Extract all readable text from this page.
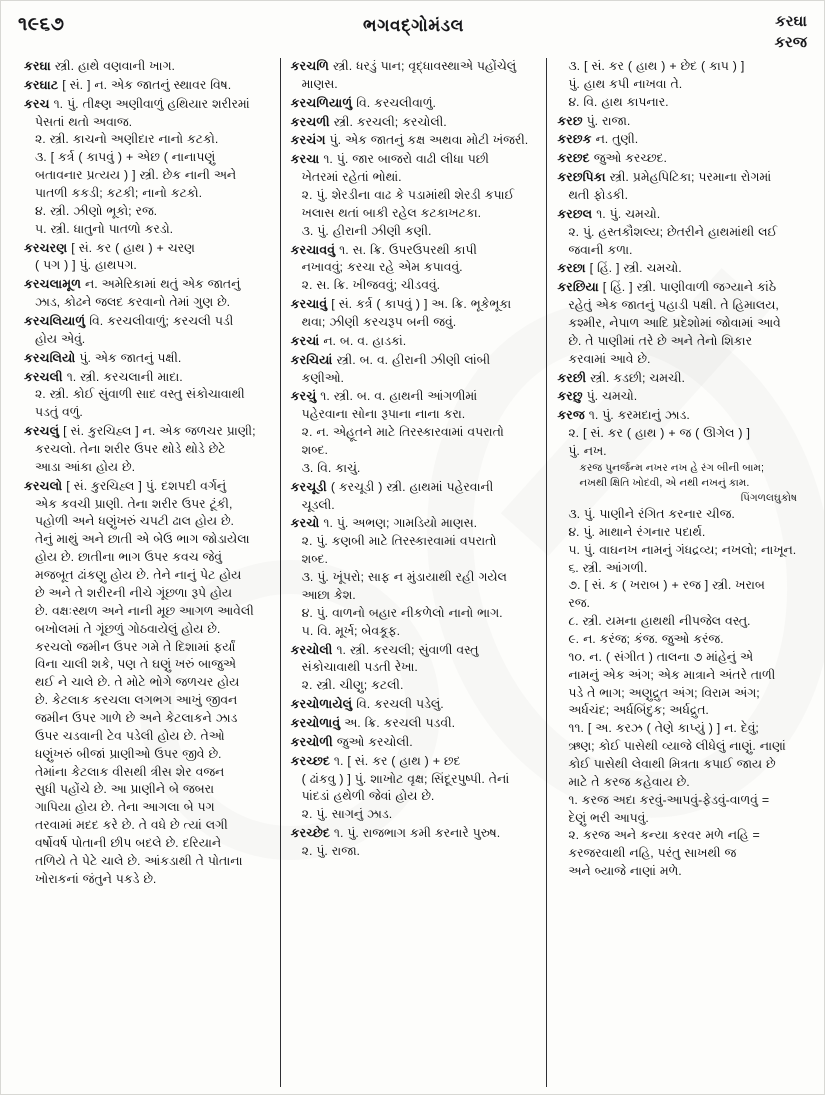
૧૯૬૭	ભગવદ્ગોમંડલ	કરઘા
કરજ
કરઘા સ્ત્રી. હાથે વણવાની ખાગ.
કરઘાટ [ સં. ] ન. એક જાતનું સ્થાવર વિષ.
કરચ ૧. પું. તીક્ષ્ણ અણીવાળું હથિયાર શરીરમાં
પેસતાં થતો અવાજ.
૨. સ્ત્રી. કાચનો અણીદાર નાનો કટકો.
૩. [ કર્ત્ર ( કાપવું ) + એછ ( નાનાપણું
બતાવનાર પ્રત્યય ) ] સ્ત્રી. છેક નાની અને
પાતળી કકડી; કટકી; નાનો કટકો.
૪. સ્ત્રી. ઝીણો ભૂકો; રજ.
૫. સ્ત્રી. ધાતુનો પાતળો કરડો.
કરચરણ [ સં. કર ( હાથ ) + ચરણ
( પગ ) ] પું. હાથપગ.
કરચલામૂળ ન. અમેરિકામાં થતું એક જાતનું
ઝાડ, કોઢને જલદ કરવાનો તેમાં ગુણ છે.
કરચલિયાળું વિ. કરચલીવાળું; કરચલી પડી
હોય એવું.
કરચલિયો પું. એક જાતનું પક્ષી.
કરચલી ૧. સ્ત્રી. કરચલાની માદા.
૨. સ્ત્રી. કોઈ સુંવાળી સાદ વસ્તુ સંકોચાવાથી
પડતું વળું.
કરચલું [ સં. કુરચિહ્લ ] ન. એક જળચર પ્રાણી;
કરચલો. તેના શરીર ઉપર થોડે થોડે છેટે
આડા આંકા હોય છે.
કરચલો [ સં. કુરચિહ્લ ] પું. દશપદી વર્ગનું
એક કવચી પ્રાણી. તેના શરીર ઉપર ટૂંકી,
પહોળી અને ધણુંખરું ચપટી ઢાલ હોય છે.
તેનું માથું અને છાતી એ બેઉ ભાગ જોડાયેલા
હોય છે. છાતીના ભાગ ઉપર કવચ જેવું
મજબૂત ઢાંકણુ હોય છે. તેને નાનું પેટ હોય
છે અને તે શરીરની નીચે ગૂંછળા રૂપે હોય
છે. વક્ષઃસ્થળ અને નાની મૂછ આગળ આવેલી
બખોલમાં તે ગૂંછળું ગોઠવાયેલું હોય છે.
કરચલો જમીન ઉપર ગમે તે દિશામાં ફર્યાં
વિના ચાલી શકે, પણ તે ઘણું ખરું બાજુએ
થઈ ને ચાલે છે. તે મોટે ભોગે જળચર હોય
છે. કેટલાક કરચલા લગભગ આખું જીવન
જમીન ઉપર ગાળે છે અને કેટલાકને ઝાડ
ઉપર ચડવાની ટેવ પડેલી હોય છે. તેઓ
ધણુંખરું બીજાં પ્રાણીઓ ઉપર જીવે છે.
તેમાંના કેટલાક વીસથી ત્રીસ શેર વજન
સુધી પહોંચે છે. આ પ્રાણીને બે જબરા
ગાપિયા હોય છે. તેના આગલા બે પગ
તરવામાં મદદ કરે છે. તે વધે છે ત્યાં લગી
વર્ષોવર્ષ પોતાની છીપ બદલે છે. દરિયાને
તળિયે તે પેટે ચાલે છે. આંકડાથી તે પોતાના
ખોરાકનાં જંતુને પકડે છે.
કરચળિ સ્ત્રી. ધરડું પાન; વૃદ્ધાવસ્થાએ પહોંચેલું
માણસ.
કરચળિયાળું વિ. કરચલીવાળું.
કરચળી સ્ત્રી. કરચલી; કરચોલી.
કરચંગ પું. એક જાતનું કક્ષ અથવા મોટી ખંજરી.
કરચા ૧. પું. જાર બાજરો વાઢી લીધા પછી
ખેતરમાં રહેતાં ભોથાં.
૨. પું. શેરડીના વાઢ કે પડામાંથી શેરડી કપાઈ
ખલાસ થતાં બાકી રહેલ કટકાખટકા.
૩. પું. હીરાની ઝીણી કણી.
કરચાવવું ૧. સ. ક્રિ. ઉપરઉપરથી કાપી
નખાવવું; કરચા રહે એમ કપાવવું.
૨. સ. ક્રિ. ખીજવવું; ચીડવવું.
કરચાવું [ સં. કર્ત્ર ( કાપવું ) ] અ. ક્રિ. ભૂકેભૂકા
થવા; ઝીણી કરચરૂપ બની જવું.
કરચાં ન. બ. વ. હાડકાં.
કરચિયાં સ્ત્રી. બ. વ. હીરાની ઝીણી લાંબી
કણીઓ.
કરચું ૧. સ્ત્રી. બ. વ. હાથની આંગળીમાં
પહેરવાના સોના રૂપાના નાના કરા.
૨. ન. એહૂતને માટે તિરસ્કારવામાં વપરાતો
શબ્દ.
૩. વિ. કાચું.
કરચૂડી ( કરચૂડી ) સ્ત્રી. હાથમાં પહેરવાની
ચૂડલી.
કરચો ૧. પું. અભણ; ગામડિયો માણસ.
૨. પું. કણબી માટે તિરસ્કારવામાં વપરાતો
શબ્દ.
૩. પું. ખૂંપરો; સાફ ન મુંડાયાથી રહી ગયેલ
આછા કેશ.
૪. પું. વાળનો બહાર નીકળેલો નાનો ભાગ.
૫. વિ. મૂર્ખ; બેવકૂફ.
કરચોલી ૧. સ્ત્રી. કરચલી; સુંવાળી વસ્તુ
સંકોચાવાથી પડતી રેખા.
૨. સ્ત્રી. ચીણુ; કટલી.
કરચોળાયેલું વિ. કરચલી પડેલું.
કરચોળાવું અ. ક્રિ. કરચલી પડવી.
કરચોળી જુઓ કરચોલી.
કરચ્છદ ૧. [ સં. કર ( હાથ ) + છદ
( ઢાંકવુ ) ] પું. શાખોટ વૃક્ષ; સિંદૂરપુષ્પી. તેનાં
પાંદડાં હથેળી જેવાં હોય છે.
૨. પું. સાગનું ઝાડ.
કરચ્છેદ ૧. પું. રાજભાગ કમી કરનારે પુરુષ.
૨. પું. રાજા.
૩. [ સં. કર ( હાથ ) + છેદ ( કાપ ) ]
પું. હાથ કપી નાખવા તે.
૪. વિ. હાથ કાપનાર.
કરછ પું. રાજા.
કરછક ન. તુણી.
કરછદ જુઓ કરચ્છદ.
કરછપિકા સ્ત્રી. પ્રમેહપિટિકા; પરમાના રોગમાં
થતી ફોડકી.
કરછલ ૧. પું. ચમચો.
૨. પું. હસ્તકૌશલ્ય; છેતરીને હાથમાંથી લઈ
જવાની કળા.
કરછા [ હિં. ] સ્ત્રી. ચમચો.
કરછિયા [ હિં. ] સ્ત્રી. પાણીવાળી જગ્યાને કાંઠે
રહેતું એક જાતનું પહાડી પક્ષી. તે હિમાલય,
કશ્મીર, નેપાળ આદિ પ્રદેશોમાં જોવામાં આવે
છે. તે પાણીમાં તરે છે અને તેનો શિકાર
કરવામાં આવે છે.
કરછી સ્ત્રી. કડછી; ચમચી.
કરછુ પું. ચમચો.
કરજ ૧. પું. કરમદાનું ઝાડ.
૨. [ સં. કર ( હાથ ) + જ ( ઊગેલ ) ]
પું. નખ.
કરજ પુનર્જન્મ નખર નખ હે રંગ બીની બામ;
નખથી ક્ષિતિ ખોદવી, એ નથી નખનું કામ.
પિંગળલઘુકોષ
૩. પું. પાણીને રંગિત કરનાર ચીજ.
૪. પું. માથાને રંગનાર પદાર્થ.
૫. પું. વાઘનખ નામનું ગંધદ્રવ્ય; નખલો; નાખૂન.
૬. સ્ત્રી. આંગળી.
૭. [ સં. ક ( ખરાબ ) + રજ ] સ્ત્રી. ખરાબ
રજ.
૮. સ્ત્રી. યમના હાથથી નીપજેલ વસ્તુ.
૯. ન. કરંજ; કંજ. જુઓ કરંજ.
૧૦. ન. ( સંગીત ) તાલના ૭ માંહેનું એ
નામનું એક અંગ; એક માત્રાને અંતરે તાળી
પડે તે ભાગ; અણુદ્રુત અંગ; વિરામ અંગ;
અર્ધચંદ; અર્ધબિંદુક; અર્ધદ્રુત.
૧૧. [ અ. કરઝ ( તેણે કાપ્યું ) ] ન. દેવું;
ઋણ; કોઈ પાસેથી વ્યાજે લીધેલું નાણું. નાણાં
કોઈ પાસેથી લેવાથી મિત્રતા કપાઈ જાય છે
માટે તે કરજ કહેવાય છે.
૧. કરજ અદા કરવું-આપવું-ફેડવું-વાળવું =
દેણું ભરી આપવું.
૨. કરજ અને કન્યા કરવર મળે નહિ =
કરજરવાથી નહિ, પરંતુ સાખથી જ
અને બ્યાજે નાણાં મળે.
